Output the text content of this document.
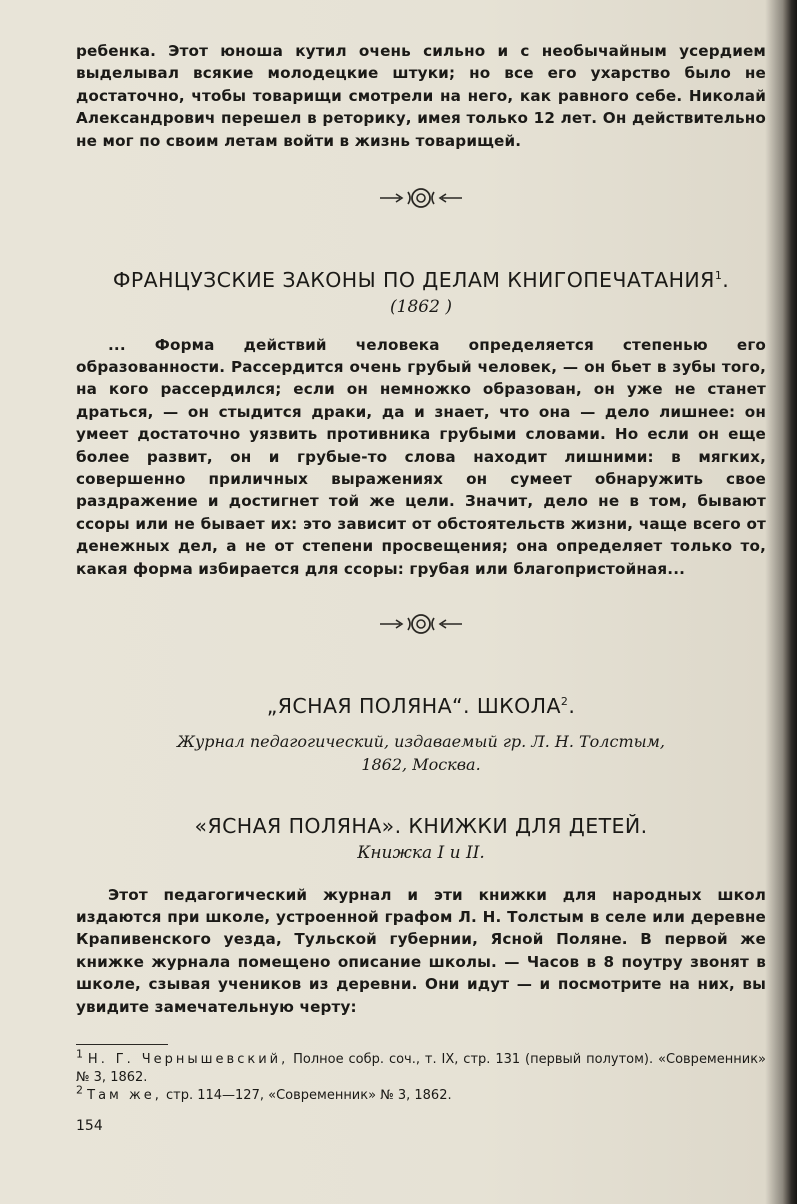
ребенка. Этот юноша кутил очень сильно и с необычайным усердием выделывал всякие молодецкие штуки; но все его ухарство было не достаточно, чтобы товарищи смотрели на него, как равного себе. Николай Александрович перешел в реторику, имея только 12 лет. Он действительно не мог по своим летам войти в жизнь товарищей.

ФРАНЦУЗСКИЕ ЗАКОНЫ ПО ДЕЛАМ КНИГОПЕЧАТАНИЯ$^1$.
(1862 )

... Форма действий человека определяется степенью его образованности. Рассердится очень грубый человек, — он бьет в зубы того, на кого рассердился; если он немножко образован, он уже не станет драться, — он стыдится драки, да и знает, что она — дело лишнее: он умеет достаточно уязвить противника грубыми словами. Но если он еще более развит, он и грубые-то слова находит лишними: в мягких, совершенно приличных выражениях он сумеет обнаружить свое раздражение и достигнет той же цели. Значит, дело не в том, бывают ссоры или не бывает их: это зависит от обстоятельств жизни, чаще всего от денежных дел, а не от степени просвещения; она определяет только то, какая форма избирается для ссоры: грубая или благопристойная...

„ЯСНАЯ ПОЛЯНА“. ШКОЛА$^2$.
Журнал педагогический, издаваемый гр. Л. Н. Толстым,
1862, Москва.
«ЯСНАЯ ПОЛЯНА». КНИЖКИ ДЛЯ ДЕТЕЙ.
Книжка I и II.

Этот педагогический журнал и эти книжки для народных школ издаются при школе, устроенной графом Л. Н. Толстым в селе или деревне Крапивенского уезда, Тульской губернии, Ясной Поляне. В первой же книжке журнала помещено описание школы. — Часов в 8 поутру звонят в школе, сзывая учеников из деревни. Они идут — и посмотрите на них, вы увидите замечательную черту:

$^1$ Н. Г. Чернышевский, Полное собр. соч., т. IX, стр. 131 (первый полутом). «Современник» № 3, 1862.

$^2$ Там же, стр. 114—127, «Современник» № 3, 1862.

154
